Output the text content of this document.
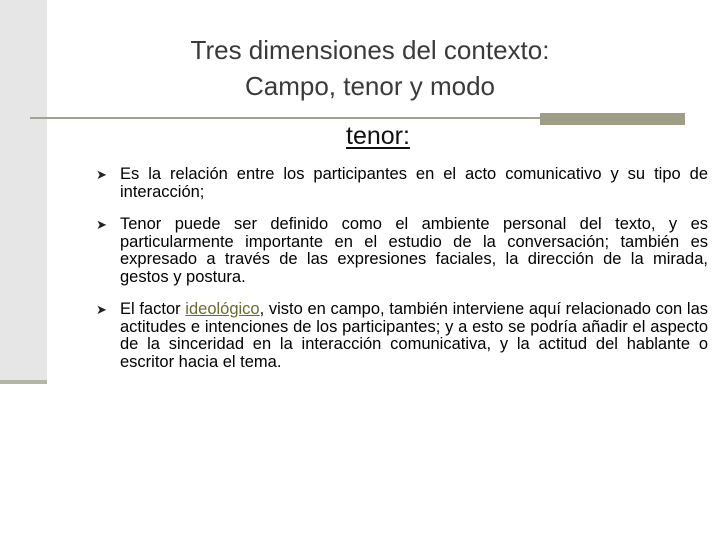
Tres dimensiones del contexto:
Campo, tenor y modo
tenor:
➤ Es la relación entre los participantes en el acto comunicativo y su tipo de interacción;
➤ Tenor puede ser definido como el ambiente personal del texto, y es particularmente importante en el estudio de la conversación; también es expresado a través de las expresiones faciales, la dirección de la mirada, gestos y postura.
➤ El factor ideológico, visto en campo, también interviene aquí relacionado con las actitudes e intenciones de los participantes; y a esto se podría añadir el aspecto de la sinceridad en la interacción comunicativa, y la actitud del hablante o escritor hacia el tema.
